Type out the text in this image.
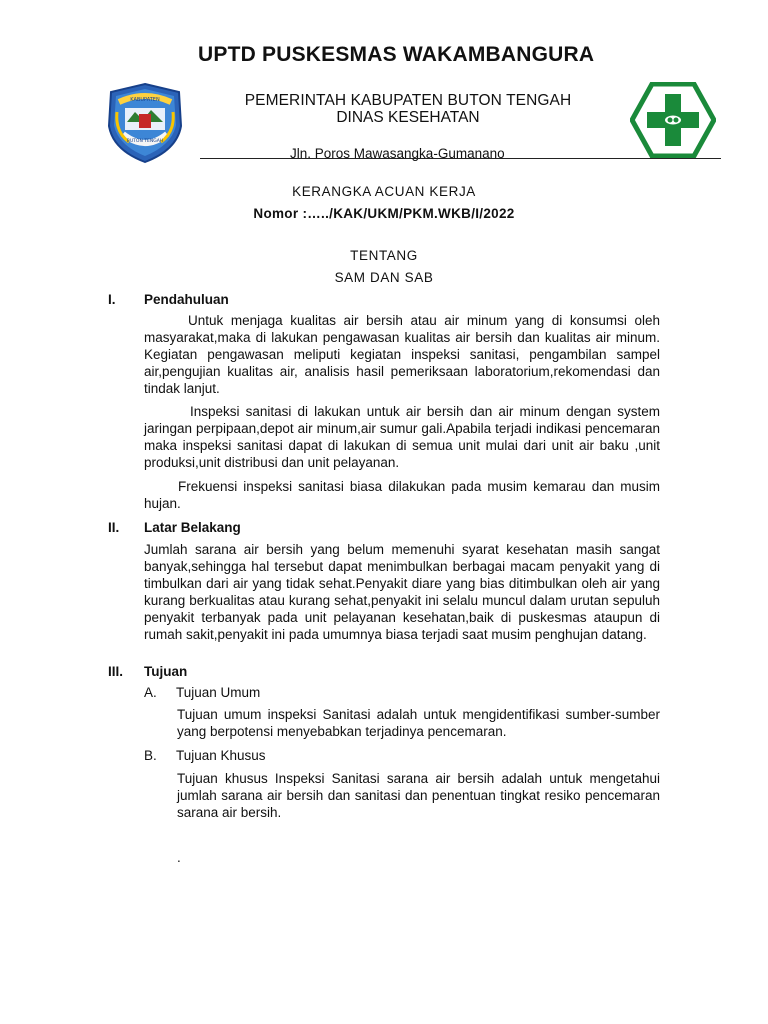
KABUPATEN
BUTON TENGAH
PEMERINTAH KABUPATEN BUTON TENGAH
DINAS KESEHATAN
UPTD PUSKESMAS WAKAMBANGURA
Jln. Poros Mawasangka-Gumanano
KERANGKA ACUAN KERJA
Nomor :…../KAK/UKM/PKM.WKB/I/2022
TENTANG
SAM DAN SAB
I. Pendahuluan
Untuk menjaga kualitas air bersih atau air minum yang di konsumsi oleh masyarakat,maka di lakukan pengawasan kualitas air bersih dan kualitas air minum. Kegiatan pengawasan meliputi kegiatan inspeksi sanitasi, pengambilan sampel air,pengujian kualitas air, analisis hasil pemeriksaan laboratorium,rekomendasi dan tindak lanjut.
Inspeksi sanitasi di lakukan untuk air bersih dan air minum dengan system jaringan perpipaan,depot air minum,air sumur gali.Apabila terjadi indikasi pencemaran maka inspeksi sanitasi dapat di lakukan di semua unit mulai dari unit air baku ,unit produksi,unit distribusi dan unit pelayanan.
Frekuensi inspeksi sanitasi biasa dilakukan pada musim kemarau dan musim hujan.
II. Latar Belakang
Jumlah sarana air bersih yang belum memenuhi syarat kesehatan masih sangat banyak,sehingga hal tersebut dapat menimbulkan berbagai macam penyakit yang di timbulkan dari air yang tidak sehat.Penyakit diare yang bias ditimbulkan oleh air yang kurang berkualitas atau kurang sehat,penyakit ini selalu muncul dalam urutan sepuluh penyakit terbanyak pada unit pelayanan kesehatan,baik di puskesmas ataupun di rumah sakit,penyakit ini pada umumnya biasa terjadi saat musim penghujan datang.
III. Tujuan
A. Tujuan Umum
Tujuan umum inspeksi Sanitasi adalah untuk mengidentifikasi sumber-sumber yang berpotensi menyebabkan terjadinya pencemaran.
B. Tujuan Khusus
Tujuan khusus Inspeksi Sanitasi sarana air bersih adalah untuk mengetahui jumlah sarana air bersih dan sanitasi dan penentuan tingkat resiko pencemaran sarana air bersih.
.
